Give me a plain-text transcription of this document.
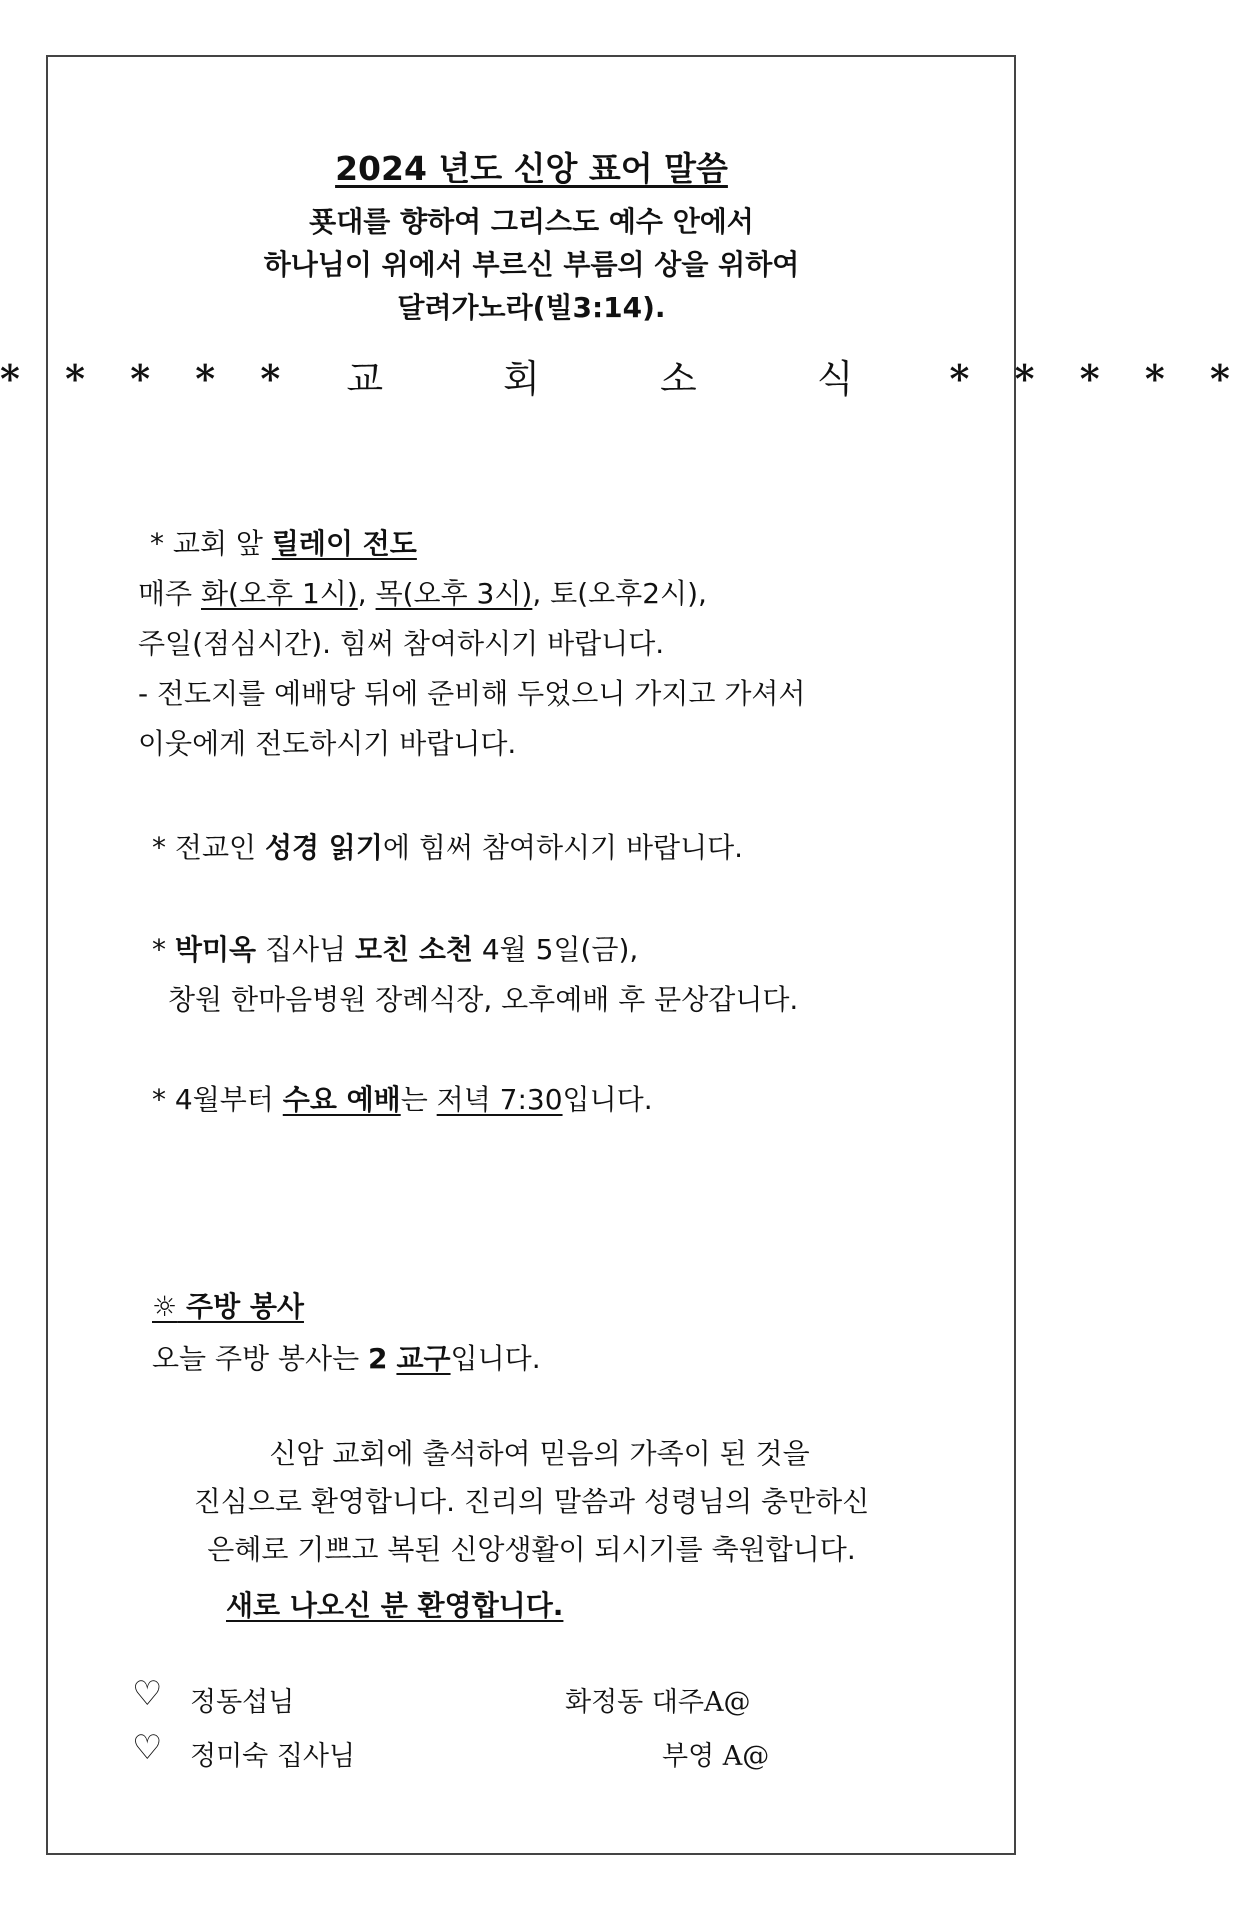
2024 년도 신앙 표어 말씀
푯대를 향하여 그리스도 예수 안에서
하나님이 위에서 부르신 부름의 상을 위하여
달려가노라(빌3:14).
* * * * * 교 회 소 식 * * * * *
* 교회 앞 릴레이 전도
매주 화(오후 1시), 목(오후 3시), 토(오후2시),
주일(점심시간). 힘써 참여하시기 바랍니다.
- 전도지를 예배당 뒤에 준비해 두었으니 가지고 가셔서
이웃에게 전도하시기 바랍니다.
* 전교인 성경 읽기에 힘써 참여하시기 바랍니다.
* 박미옥 집사님 모친 소천 4월 5일(금),
창원 한마음병원 장례식장, 오후예배 후 문상갑니다.
* 4월부터 수요 예배는 저녁 7:30입니다.
☼ 주방 봉사
오늘 주방 봉사는 2 교구입니다.
신암 교회에 출석하여 믿음의 가족이 된 것을
진심으로 환영합니다. 진리의 말씀과 성령님의 충만하신
은혜로 기쁘고 복된 신앙생활이 되시기를 축원합니다.
새로 나오신 분 환영합니다.
♡ 정동섭님	화정동 대주A@
♡ 정미숙 집사님	부영 A@
